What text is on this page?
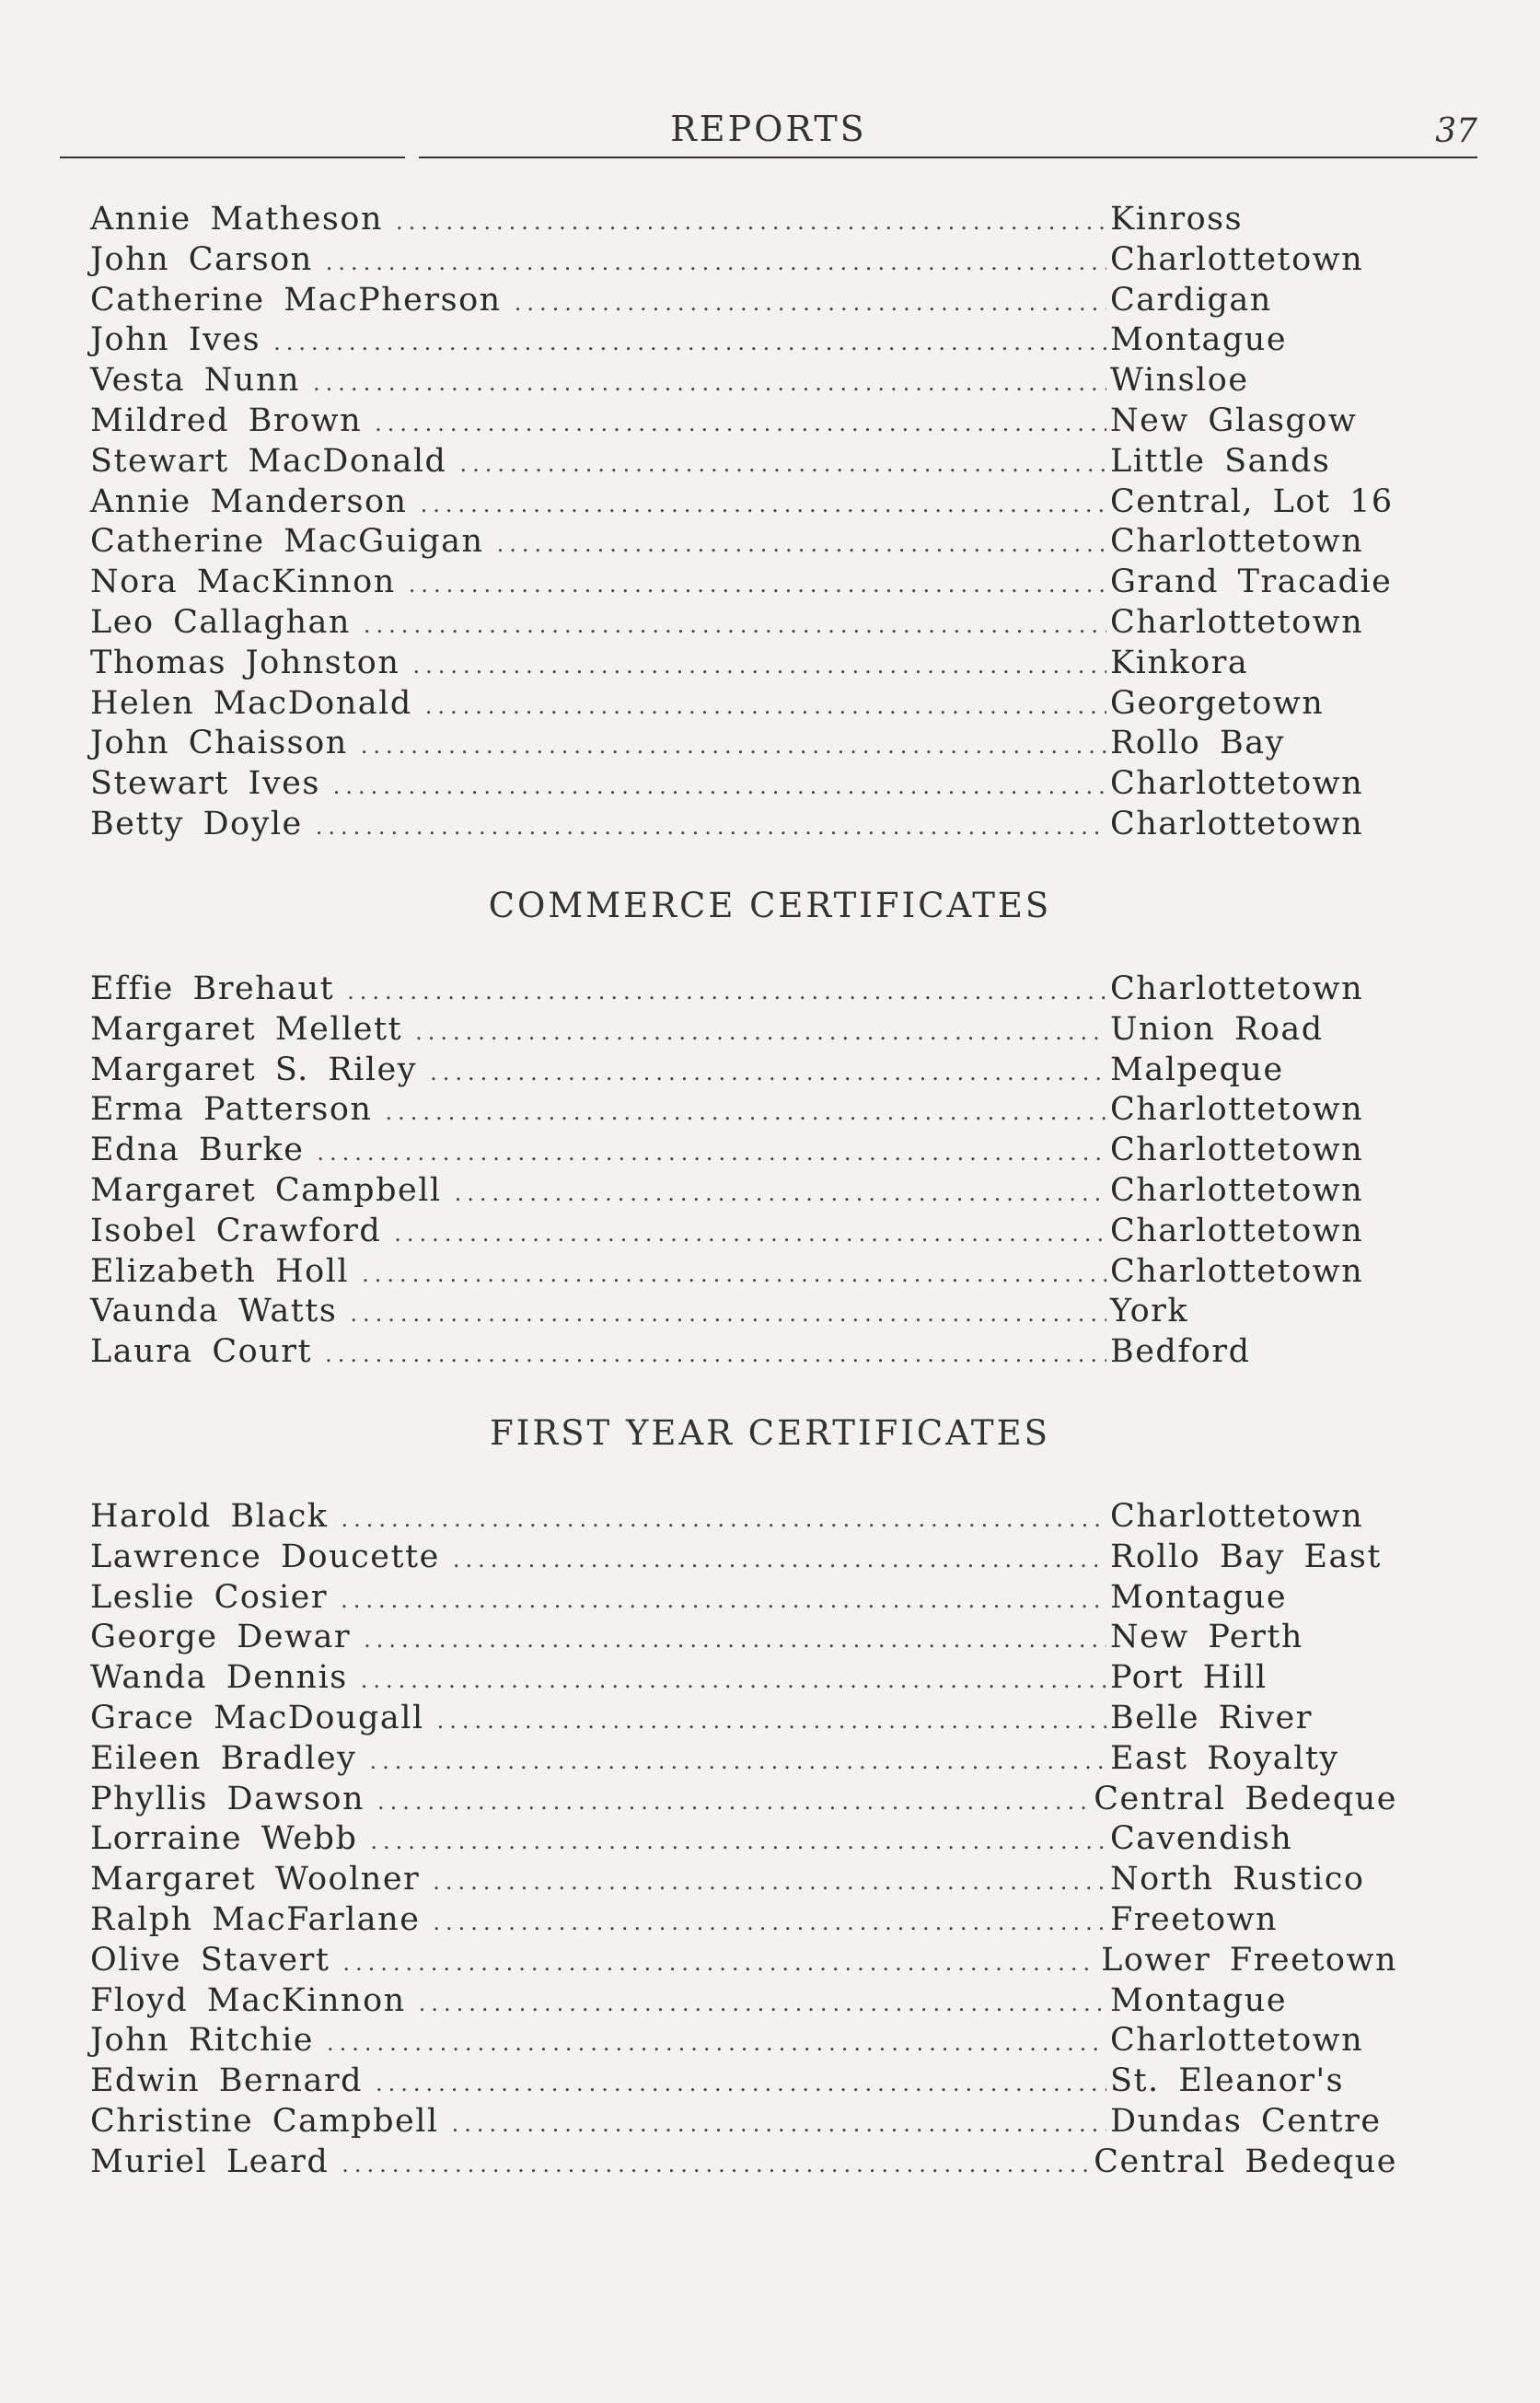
REPORTS	37
Annie Matheson .....	Kinross
John Carson .....	Charlottetown
Catherine MacPherson .....	Cardigan
John Ives .....	Montague
Vesta Nunn .....	Winsloe
Mildred Brown .....	New Glasgow
Stewart MacDonald .....	Little Sands
Annie Manderson .....	Central, Lot 16
Catherine MacGuigan .....	Charlottetown
Nora MacKinnon .....	Grand Tracadie
Leo Callaghan .....	Charlottetown
Thomas Johnston .....	Kinkora
Helen MacDonald .....	Georgetown
John Chaisson .....	Rollo Bay
Stewart Ives .....	Charlottetown
Betty Doyle .....	Charlottetown
COMMERCE CERTIFICATES
Effie Brehaut .....	Charlottetown
Margaret Mellett .....	Union Road
Margaret S. Riley .....	Malpeque
Erma Patterson .....	Charlottetown
Edna Burke .....	Charlottetown
Margaret Campbell .....	Charlottetown
Isobel Crawford .....	Charlottetown
Elizabeth Holl .....	Charlottetown
Vaunda Watts .....	York
Laura Court .....	Bedford
FIRST YEAR CERTIFICATES
Harold Black .....	Charlottetown
Lawrence Doucette .....	Rollo Bay East
Leslie Cosier .....	Montague
George Dewar .....	New Perth
Wanda Dennis .....	Port Hill
Grace MacDougall .....	Belle River
Eileen Bradley .....	East Royalty
Phyllis Dawson .....	Central Bedeque
Lorraine Webb .....	Cavendish
Margaret Woolner .....	North Rustico
Ralph MacFarlane .....	Freetown
Olive Stavert .....	Lower Freetown
Floyd MacKinnon .....	Montague
John Ritchie .....	Charlottetown
Edwin Bernard .....	St. Eleanor's
Christine Campbell .....	Dundas Centre
Muriel Leard .....	Central Bedeque
